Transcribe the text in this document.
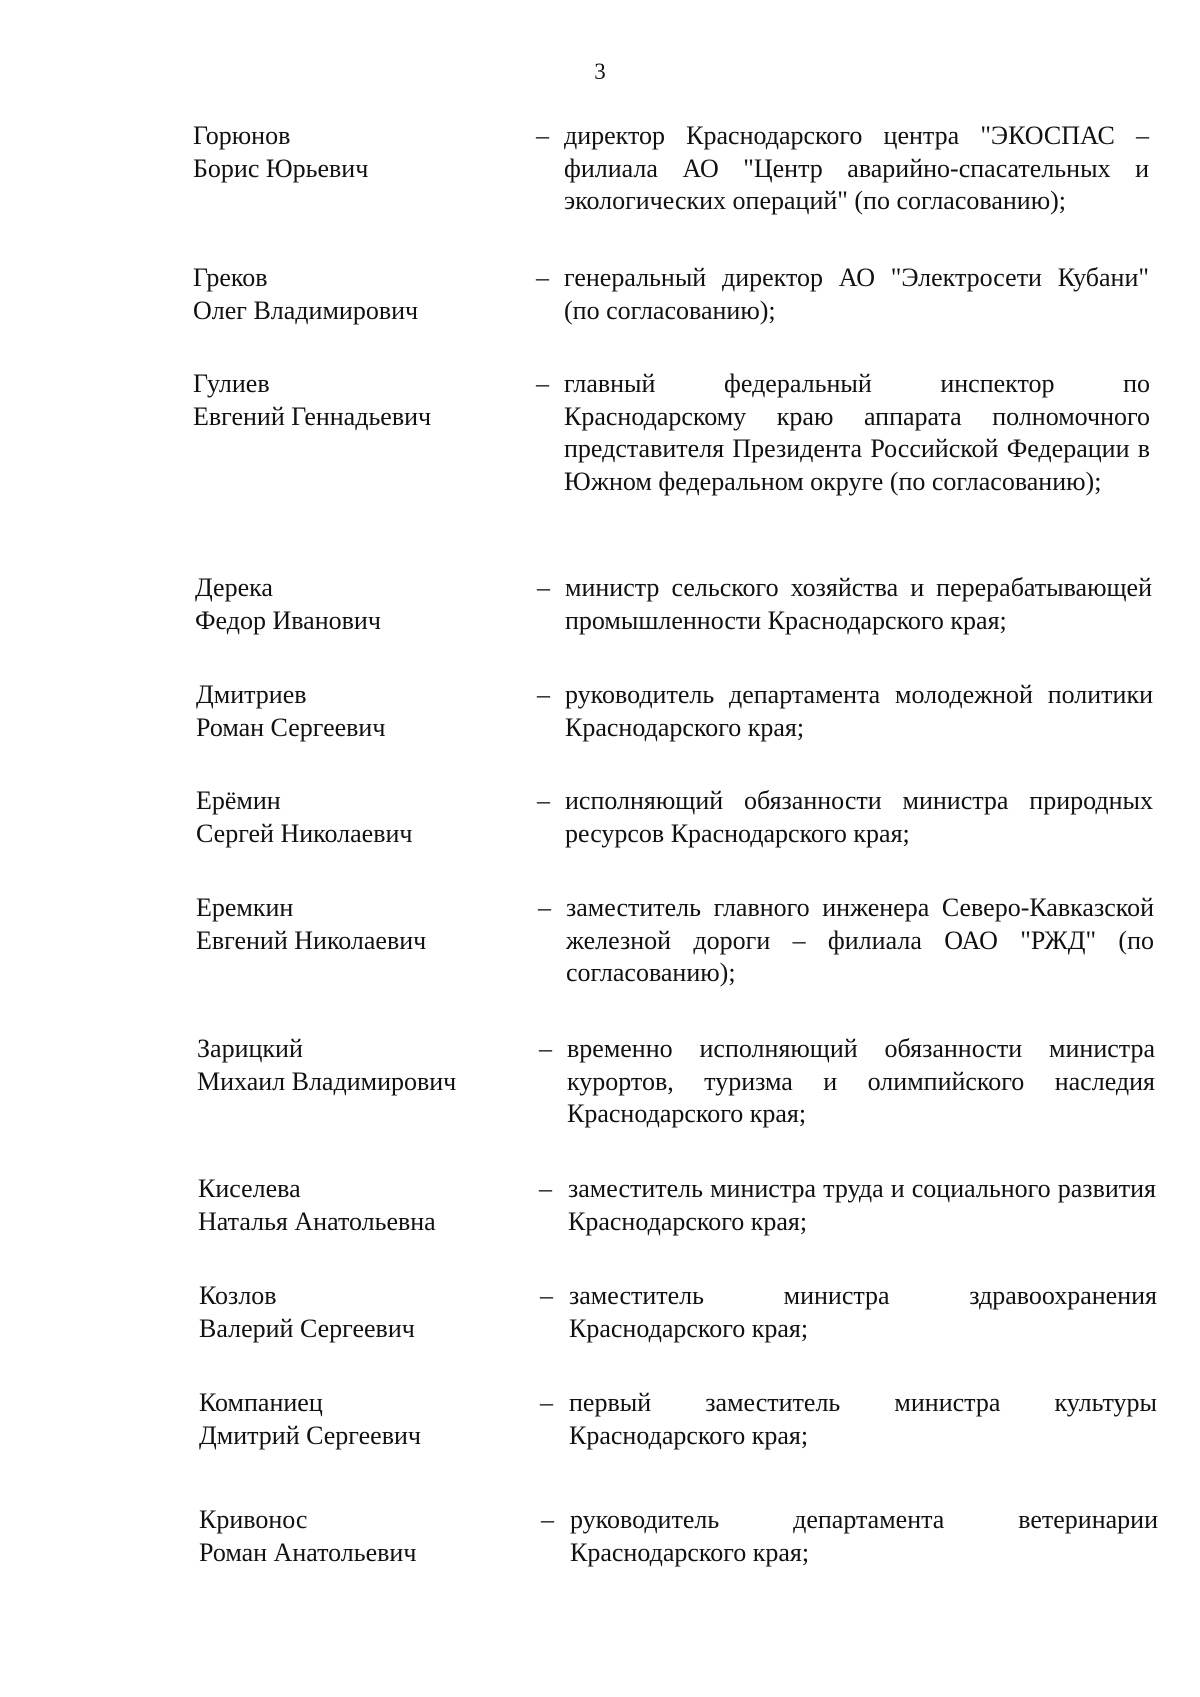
3
Горюнов
Борис Юрьевич
– директор Краснодарского центра "ЭКОСПАС – филиала АО "Центр аварийно-спасательных и экологических операций" (по согласованию);
Греков
Олег Владимирович
– генеральный директор АО "Электросети Кубани" (по согласованию);
Гулиев
Евгений Геннадьевич
– главный федеральный инспектор по Краснодарскому краю аппарата полномочного представителя Президента Российской Федерации в Южном федеральном округе (по согласованию);
Дерека
Федор Иванович
– министр сельского хозяйства и перерабатывающей промышленности Краснодарского края;
Дмитриев
Роман Сергеевич
– руководитель департамента молодежной политики Краснодарского края;
Ерёмин
Сергей Николаевич
– исполняющий обязанности министра природных ресурсов Краснодарского края;
Еремкин
Евгений Николаевич
– заместитель главного инженера Северо-Кавказской железной дороги – филиала ОАО "РЖД" (по согласованию);
Зарицкий
Михаил Владимирович
– временно исполняющий обязанности министра курортов, туризма и олимпийского наследия Краснодарского края;
Киселева
Наталья Анатольевна
– заместитель министра труда и социального развития Краснодарского края;
Козлов
Валерий Сергеевич
– заместитель министра здравоохранения Краснодарского края;
Компаниец
Дмитрий Сергеевич
– первый заместитель министра культуры Краснодарского края;
Кривонос
Роман Анатольевич
– руководитель департамента ветеринарии Краснодарского края;
